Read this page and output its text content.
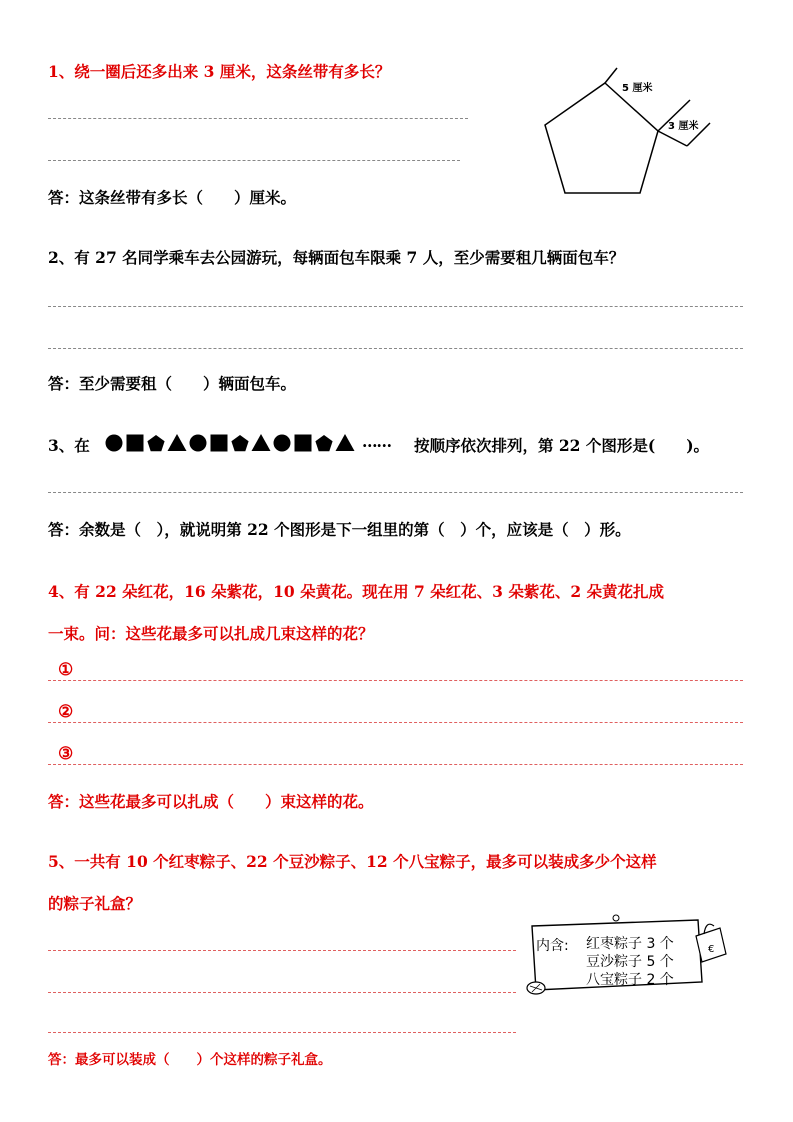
1、绕一圈后还多出来 3 厘米，这条丝带有多长？
答：这条丝带有多长（　　）厘米。
5 厘米
3 厘米
2、有 27 名同学乘车去公园游玩，每辆面包车限乘 7 人，至少需要租几辆面包车？
答：至少需要租（　　）辆面包车。
3、在	…… 按顺序依次排列，第 22 个图形是(　　)。
答：余数是（　），就说明第 22 个图形是下一组里的第（　）个，应该是（　）形。
4、有 22 朵红花，16 朵紫花，10 朵黄花。现在用 7 朵红花、3 朵紫花、2 朵黄花扎成
一束。问：这些花最多可以扎成几束这样的花？
①
②
③
答：这些花最多可以扎成（　　）束这样的花。
5、一共有 10 个红枣粽子、22 个豆沙粽子、12 个八宝粽子，最多可以装成多少个这样
的粽子礼盒？
答：最多可以装成（　　）个这样的粽子礼盒。
€
内含: 红枣粽子 3 个
豆沙粽子 5 个
八宝粽子 2 个
